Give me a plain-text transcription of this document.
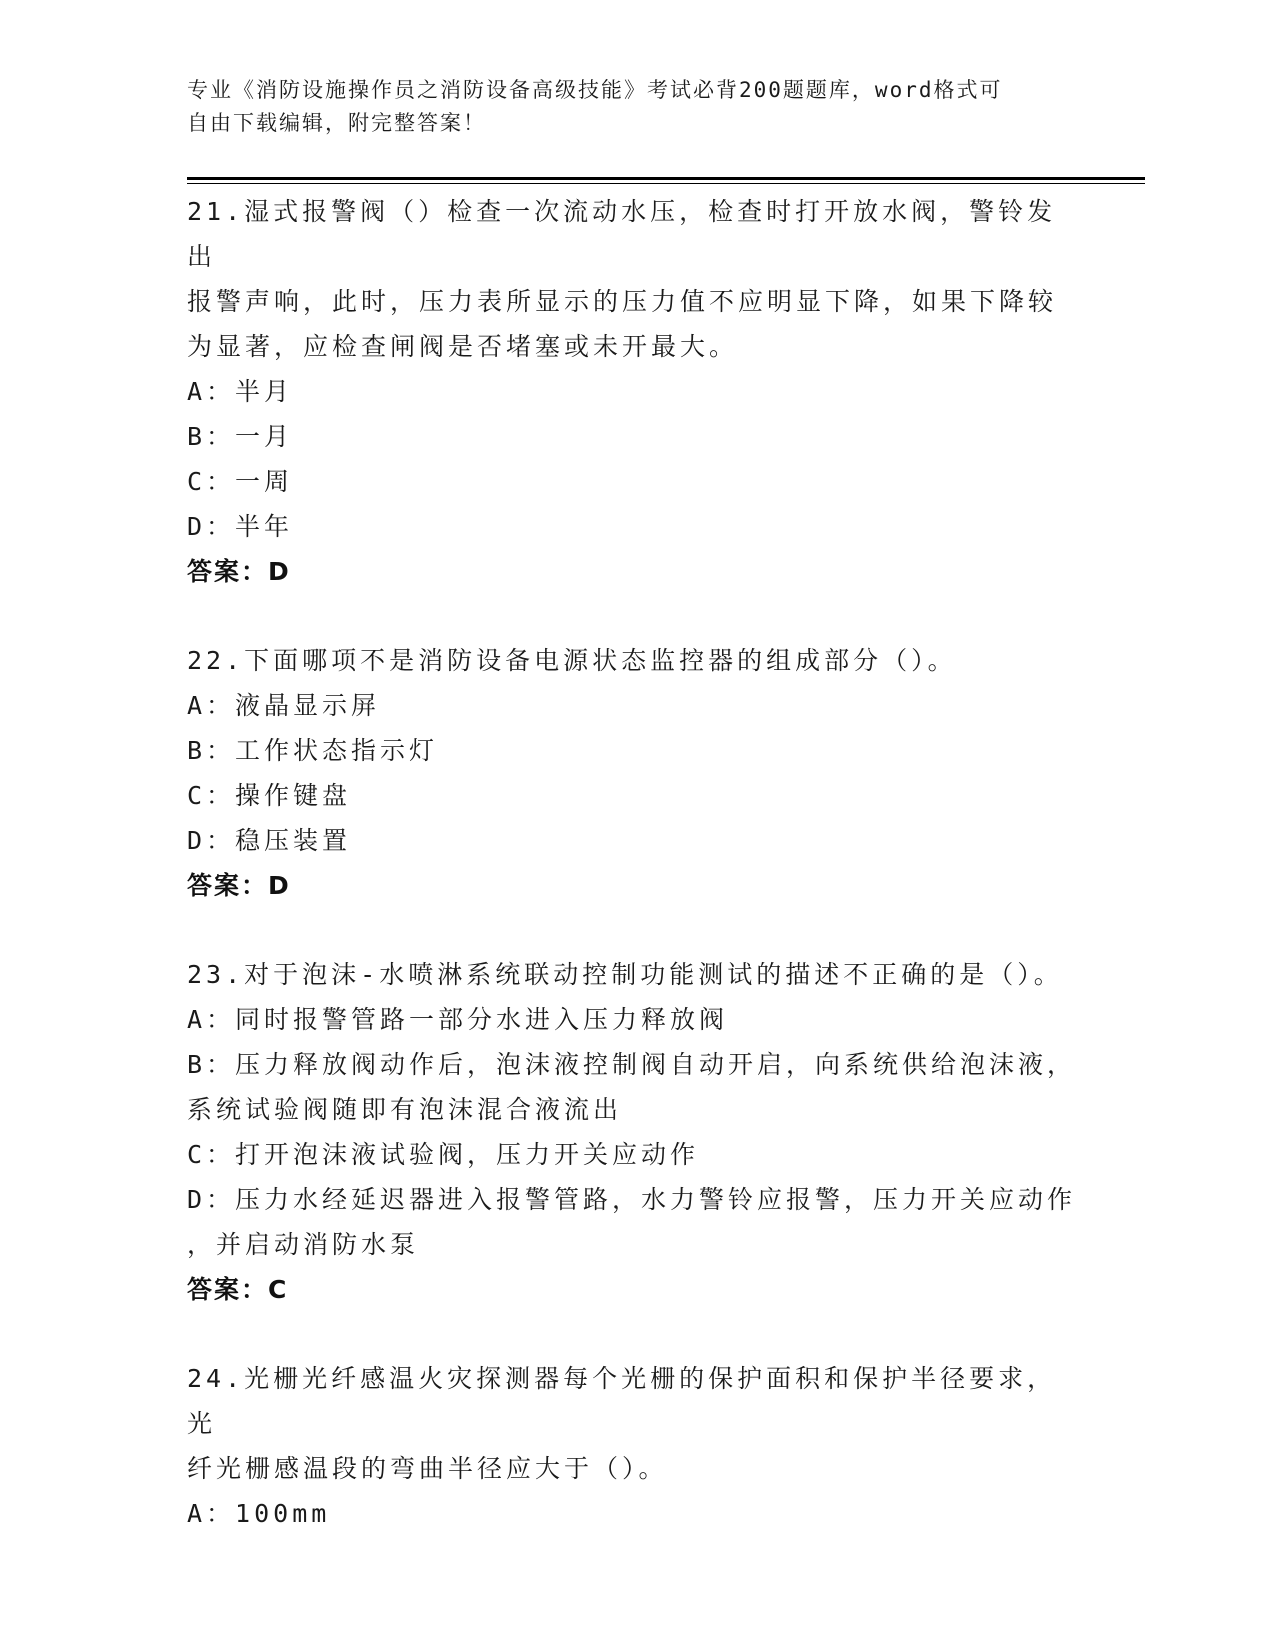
专业《消防设施操作员之消防设备高级技能》考试必背200题题库，word格式可
自由下载编辑，附完整答案！
21.湿式报警阀（）检查一次流动水压，检查时打开放水阀，警铃发出
报警声响，此时，压力表所显示的压力值不应明显下降，如果下降较
为显著，应检查闸阀是否堵塞或未开最大。
A：半月
B：一月
C：一周
D：半年
答案：D
22.下面哪项不是消防设备电源状态监控器的组成部分（）。
A：液晶显示屏
B：工作状态指示灯
C：操作键盘
D：稳压装置
答案：D
23.对于泡沫-水喷淋系统联动控制功能测试的描述不正确的是（）。
A：同时报警管路一部分水进入压力释放阀
B：压力释放阀动作后，泡沫液控制阀自动开启，向系统供给泡沫液，
系统试验阀随即有泡沫混合液流出
C：打开泡沫液试验阀，压力开关应动作
D：压力水经延迟器进入报警管路，水力警铃应报警，压力开关应动作
，并启动消防水泵
答案：C
24.光栅光纤感温火灾探测器每个光栅的保护面积和保护半径要求，光
纤光栅感温段的弯曲半径应大于（）。
A：100mm
